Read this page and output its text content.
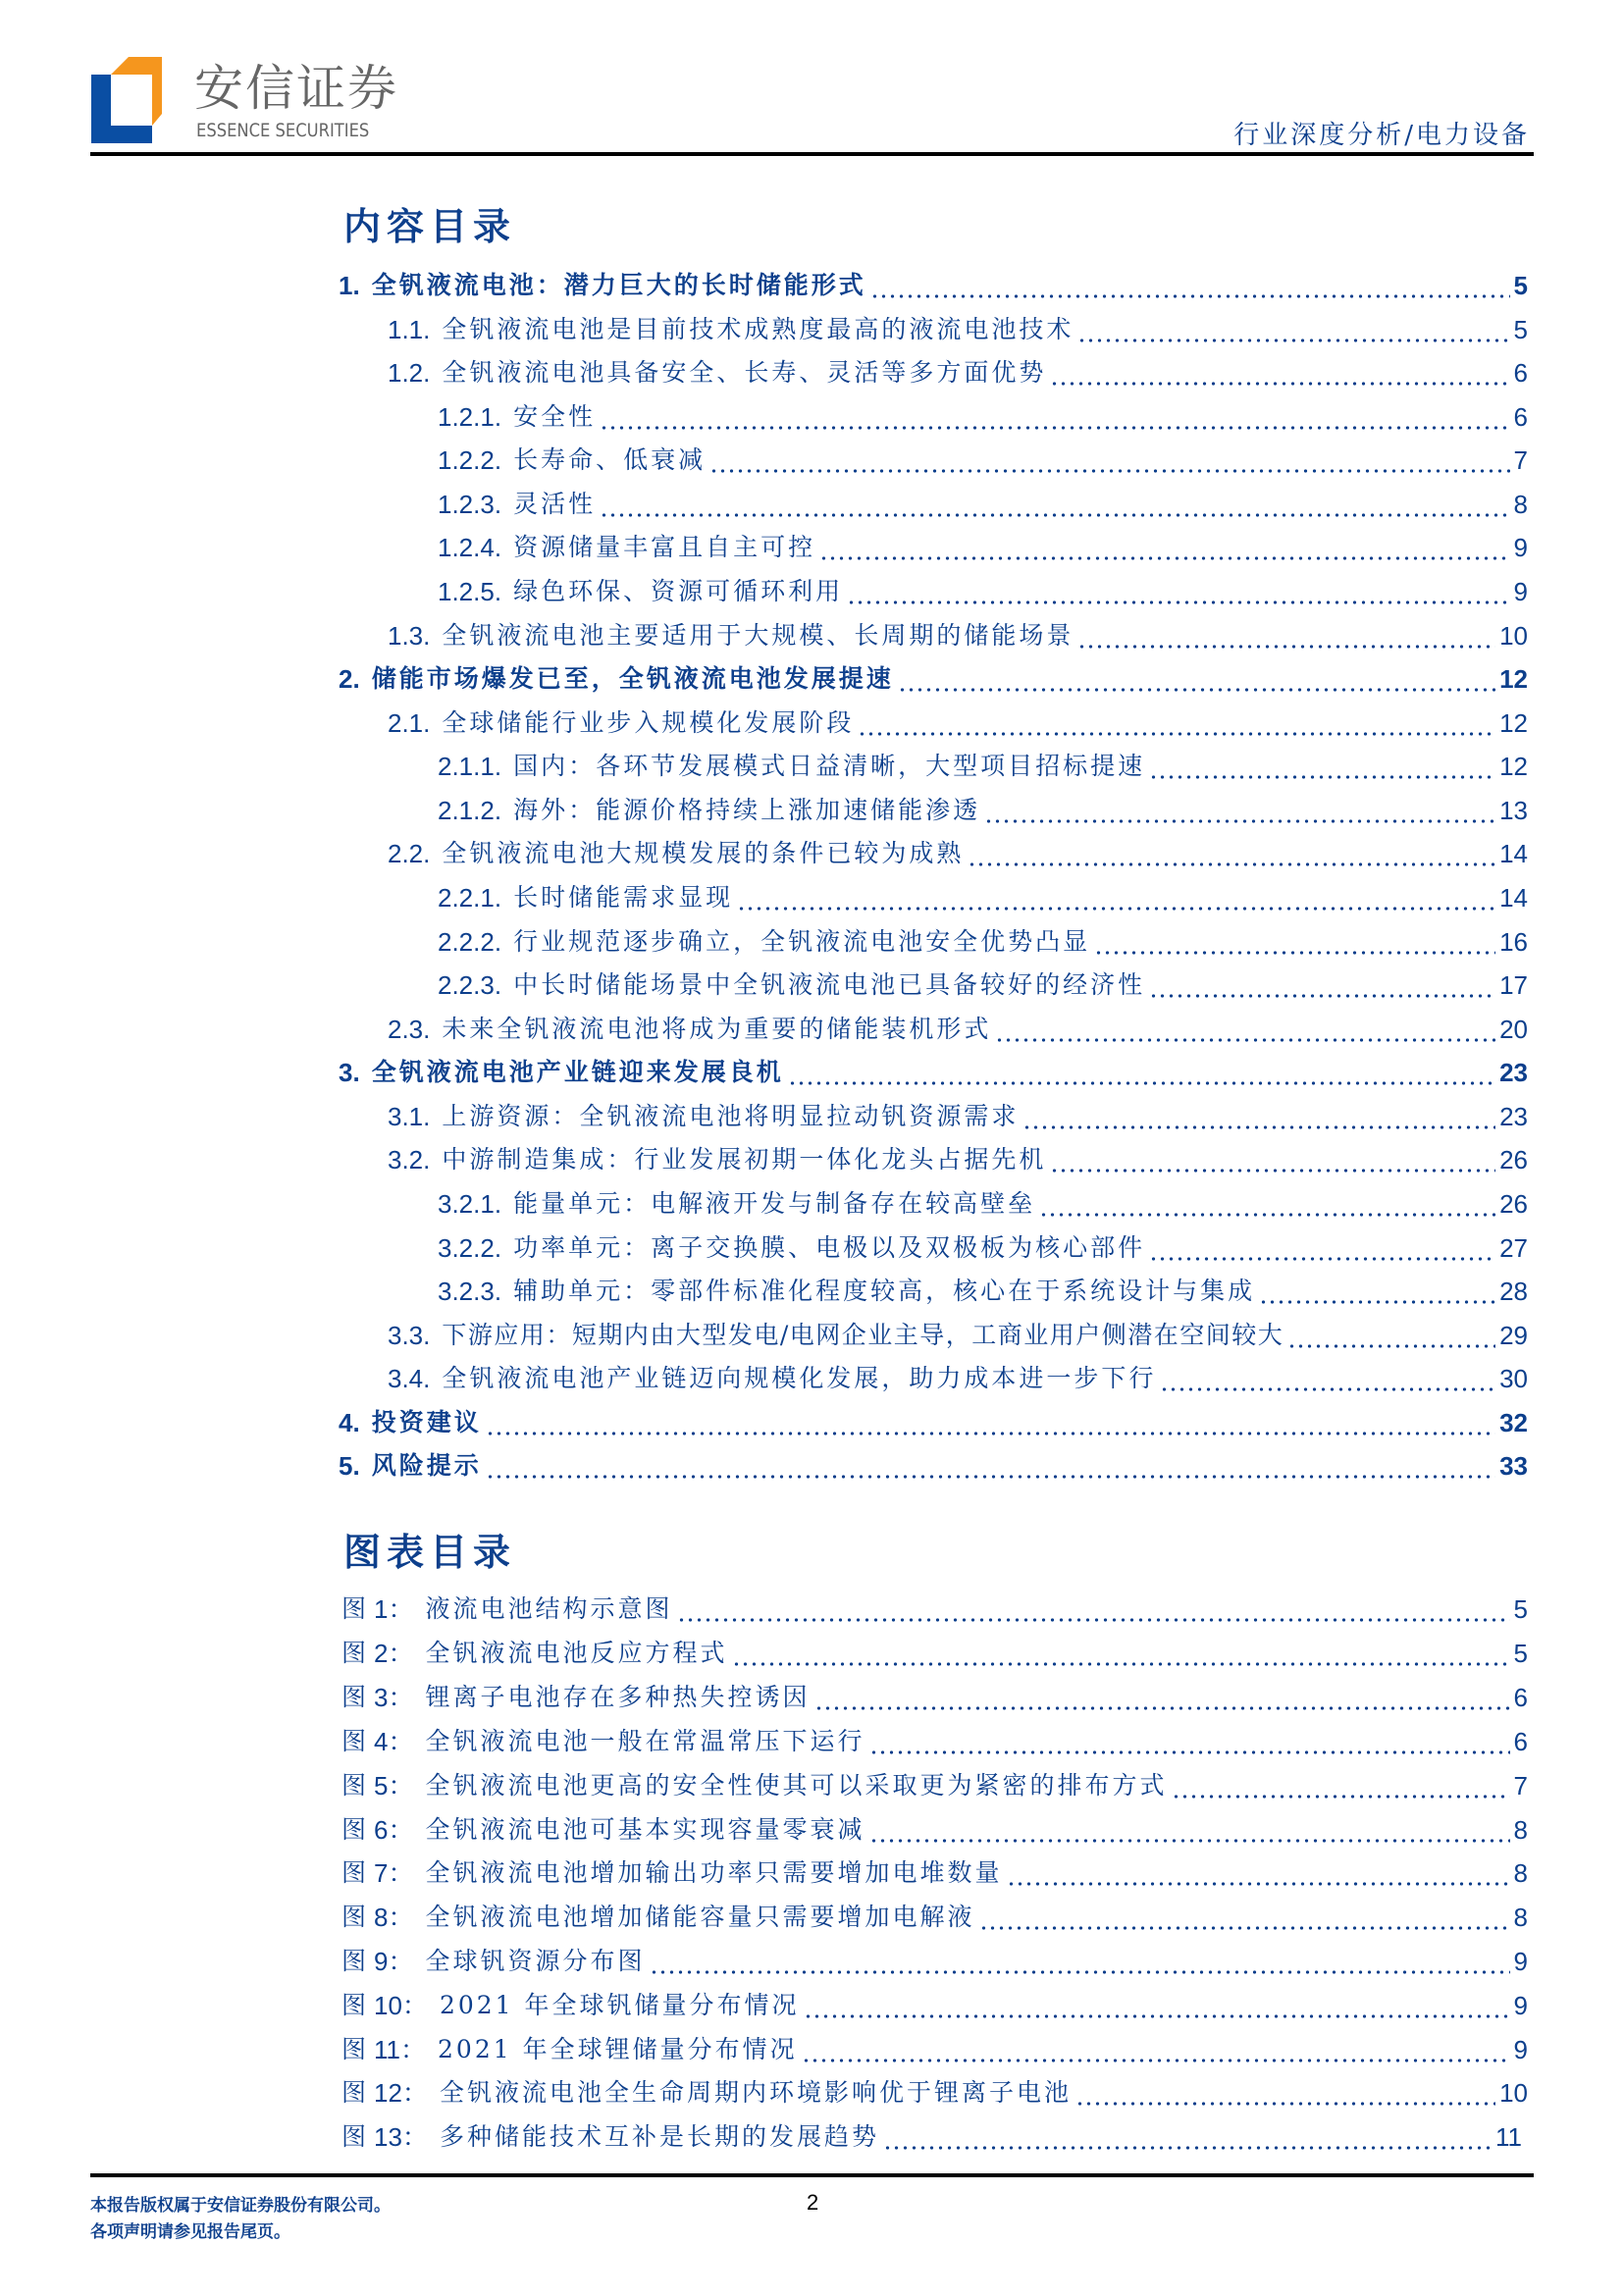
安信证券
ESSENCE SECURITIES	行业深度分析/电力设备
内容目录
1. 全钒液流电池：潜力巨大的长时储能形式	5
1.1. 全钒液流电池是目前技术成熟度最高的液流电池技术	5
1.2. 全钒液流电池具备安全、长寿、灵活等多方面优势	6
1.2.1. 安全性	6
1.2.2. 长寿命、低衰减	7
1.2.3. 灵活性	8
1.2.4. 资源储量丰富且自主可控	9
1.2.5. 绿色环保、资源可循环利用	9
1.3. 全钒液流电池主要适用于大规模、长周期的储能场景	10
2. 储能市场爆发已至，全钒液流电池发展提速	12
2.1. 全球储能行业步入规模化发展阶段	12
2.1.1. 国内：各环节发展模式日益清晰，大型项目招标提速	12
2.1.2. 海外：能源价格持续上涨加速储能渗透	13
2.2. 全钒液流电池大规模发展的条件已较为成熟	14
2.2.1. 长时储能需求显现	14
2.2.2. 行业规范逐步确立，全钒液流电池安全优势凸显	16
2.2.3. 中长时储能场景中全钒液流电池已具备较好的经济性	17
2.3. 未来全钒液流电池将成为重要的储能装机形式	20
3. 全钒液流电池产业链迎来发展良机	23
3.1. 上游资源：全钒液流电池将明显拉动钒资源需求	23
3.2. 中游制造集成：行业发展初期一体化龙头占据先机	26
3.2.1. 能量单元：电解液开发与制备存在较高壁垒	26
3.2.2. 功率单元：离子交换膜、电极以及双极板为核心部件	27
3.2.3. 辅助单元：零部件标准化程度较高，核心在于系统设计与集成	28
3.3. 下游应用：短期内由大型发电/电网企业主导，工商业用户侧潜在空间较大	29
3.4. 全钒液流电池产业链迈向规模化发展，助力成本进一步下行	30
4. 投资建议	32
5. 风险提示	33
图表目录
图 1： 液流电池结构示意图	5
图 2： 全钒液流电池反应方程式	5
图 3： 锂离子电池存在多种热失控诱因	6
图 4： 全钒液流电池一般在常温常压下运行	6
图 5： 全钒液流电池更高的安全性使其可以采取更为紧密的排布方式	7
图 6： 全钒液流电池可基本实现容量零衰减	8
图 7： 全钒液流电池增加输出功率只需要增加电堆数量	8
图 8： 全钒液流电池增加储能容量只需要增加电解液	8
图 9： 全球钒资源分布图	9
图 10： 2021 年全球钒储量分布情况	9
图 11： 2021 年全球锂储量分布情况	9
图 12： 全钒液流电池全生命周期内环境影响优于锂离子电池	10
图 13： 多种储能技术互补是长期的发展趋势	11
本报告版权属于安信证券股份有限公司。
各项声明请参见报告尾页。
2
